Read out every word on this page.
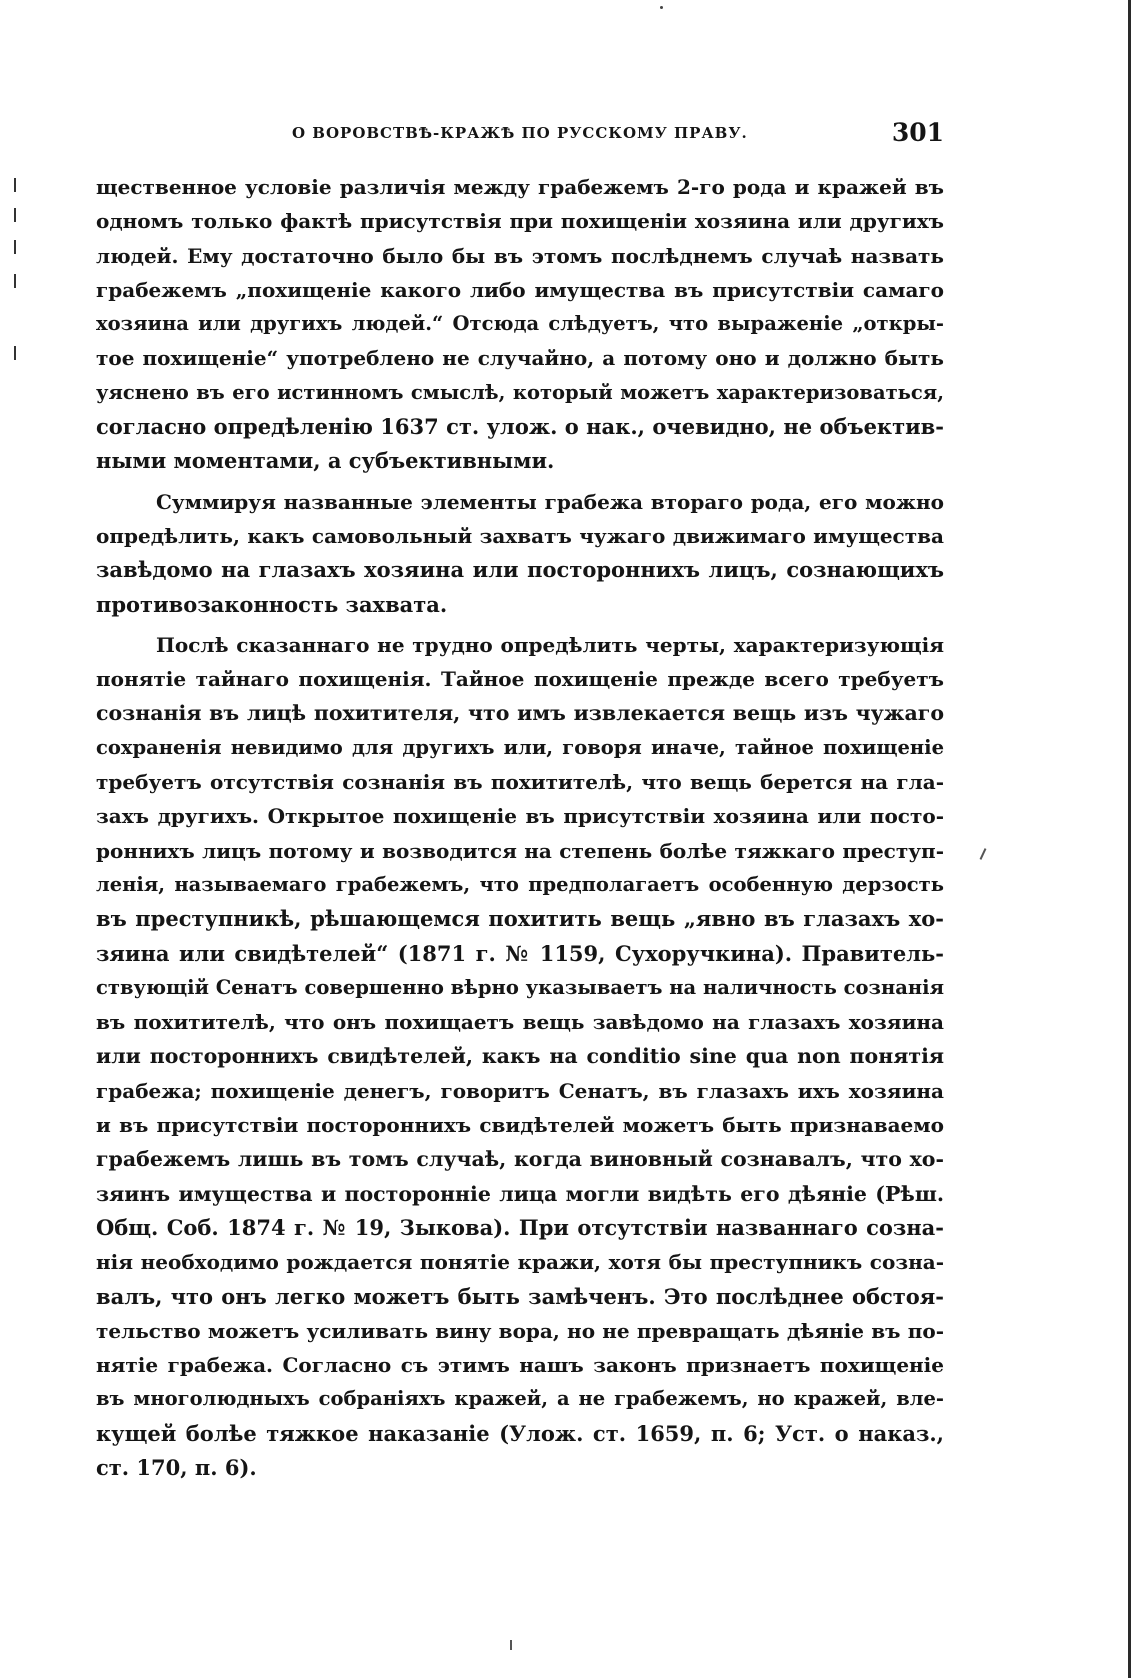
О ВОРОВСТВѢ-КРАЖѢ ПО РУССКОМУ ПРАВУ.	301
щественное условіе различія между грабежемъ 2-го рода и кражей въ
одномъ только фактѣ присутствія при похищеніи хозяина или другихъ
людей. Ему достаточно было бы въ этомъ послѣднемъ случаѣ назвать
грабежемъ „похищеніе какого либо имущества въ присутствіи самаго
хозяина или другихъ людей.“ Отсюда слѣдуетъ, что выраженіе „откры-
тое похищеніе“ употреблено не случайно, а потому оно и должно быть
уяснено въ его истинномъ смыслѣ, который можетъ характеризоваться,
согласно опредѣленію 1637 ст. улож. о нак., очевидно, не объектив-
ными моментами, а субъективными.
Суммируя названные элементы грабежа втораго рода, его можно
опредѣлить, какъ самовольный захватъ чужаго движимаго имущества
завѣдомо на глазахъ хозяина или постороннихъ лицъ, сознающихъ
противозаконность захвата.
Послѣ сказаннаго не трудно опредѣлить черты, характеризующія
понятіе тайнаго похищенія. Тайное похищеніе прежде всего требуетъ
сознанія въ лицѣ похитителя, что имъ извлекается вещь изъ чужаго
сохраненія невидимо для другихъ или, говоря иначе, тайное похищеніе
требуетъ отсутствія сознанія въ похитителѣ, что вещь берется на гла-
захъ другихъ. Открытое похищеніе въ присутствіи хозяина или посто-
роннихъ лицъ потому и возводится на степень болѣе тяжкаго преступ-
ленія, называемаго грабежемъ, что предполагаетъ особенную дерзость
въ преступникѣ, рѣшающемся похитить вещь „явно въ глазахъ хо-
зяина или свидѣтелей“ (1871 г. № 1159, Сухоручкина). Правитель-
ствующій Сенатъ совершенно вѣрно указываетъ на наличность сознанія
въ похитителѣ, что онъ похищаетъ вещь завѣдомо на глазахъ хозяина
или постороннихъ свидѣтелей, какъ на conditio sine qua non понятія
грабежа; похищеніе денегъ, говоритъ Сенатъ, въ глазахъ ихъ хозяина
и въ присутствіи постороннихъ свидѣтелей можетъ быть признаваемо
грабежемъ лишь въ томъ случаѣ, когда виновный сознавалъ, что хо-
зяинъ имущества и посторонніе лица могли видѣть его дѣяніе (Рѣш.
Общ. Соб. 1874 г. № 19, Зыкова). При отсутствіи названнаго созна-
нія необходимо рождается понятіе кражи, хотя бы преступникъ созна-
валъ, что онъ легко можетъ быть замѣченъ. Это послѣднее обстоя-
тельство можетъ усиливать вину вора, но не превращать дѣяніе въ по-
нятіе грабежа. Согласно съ этимъ нашъ законъ признаетъ похищеніе
въ многолюдныхъ собраніяхъ кражей, а не грабежемъ, но кражей, вле-
кущей болѣе тяжкое наказаніе (Улож. ст. 1659, п. 6; Уст. о наказ.,
ст. 170, п. 6).
